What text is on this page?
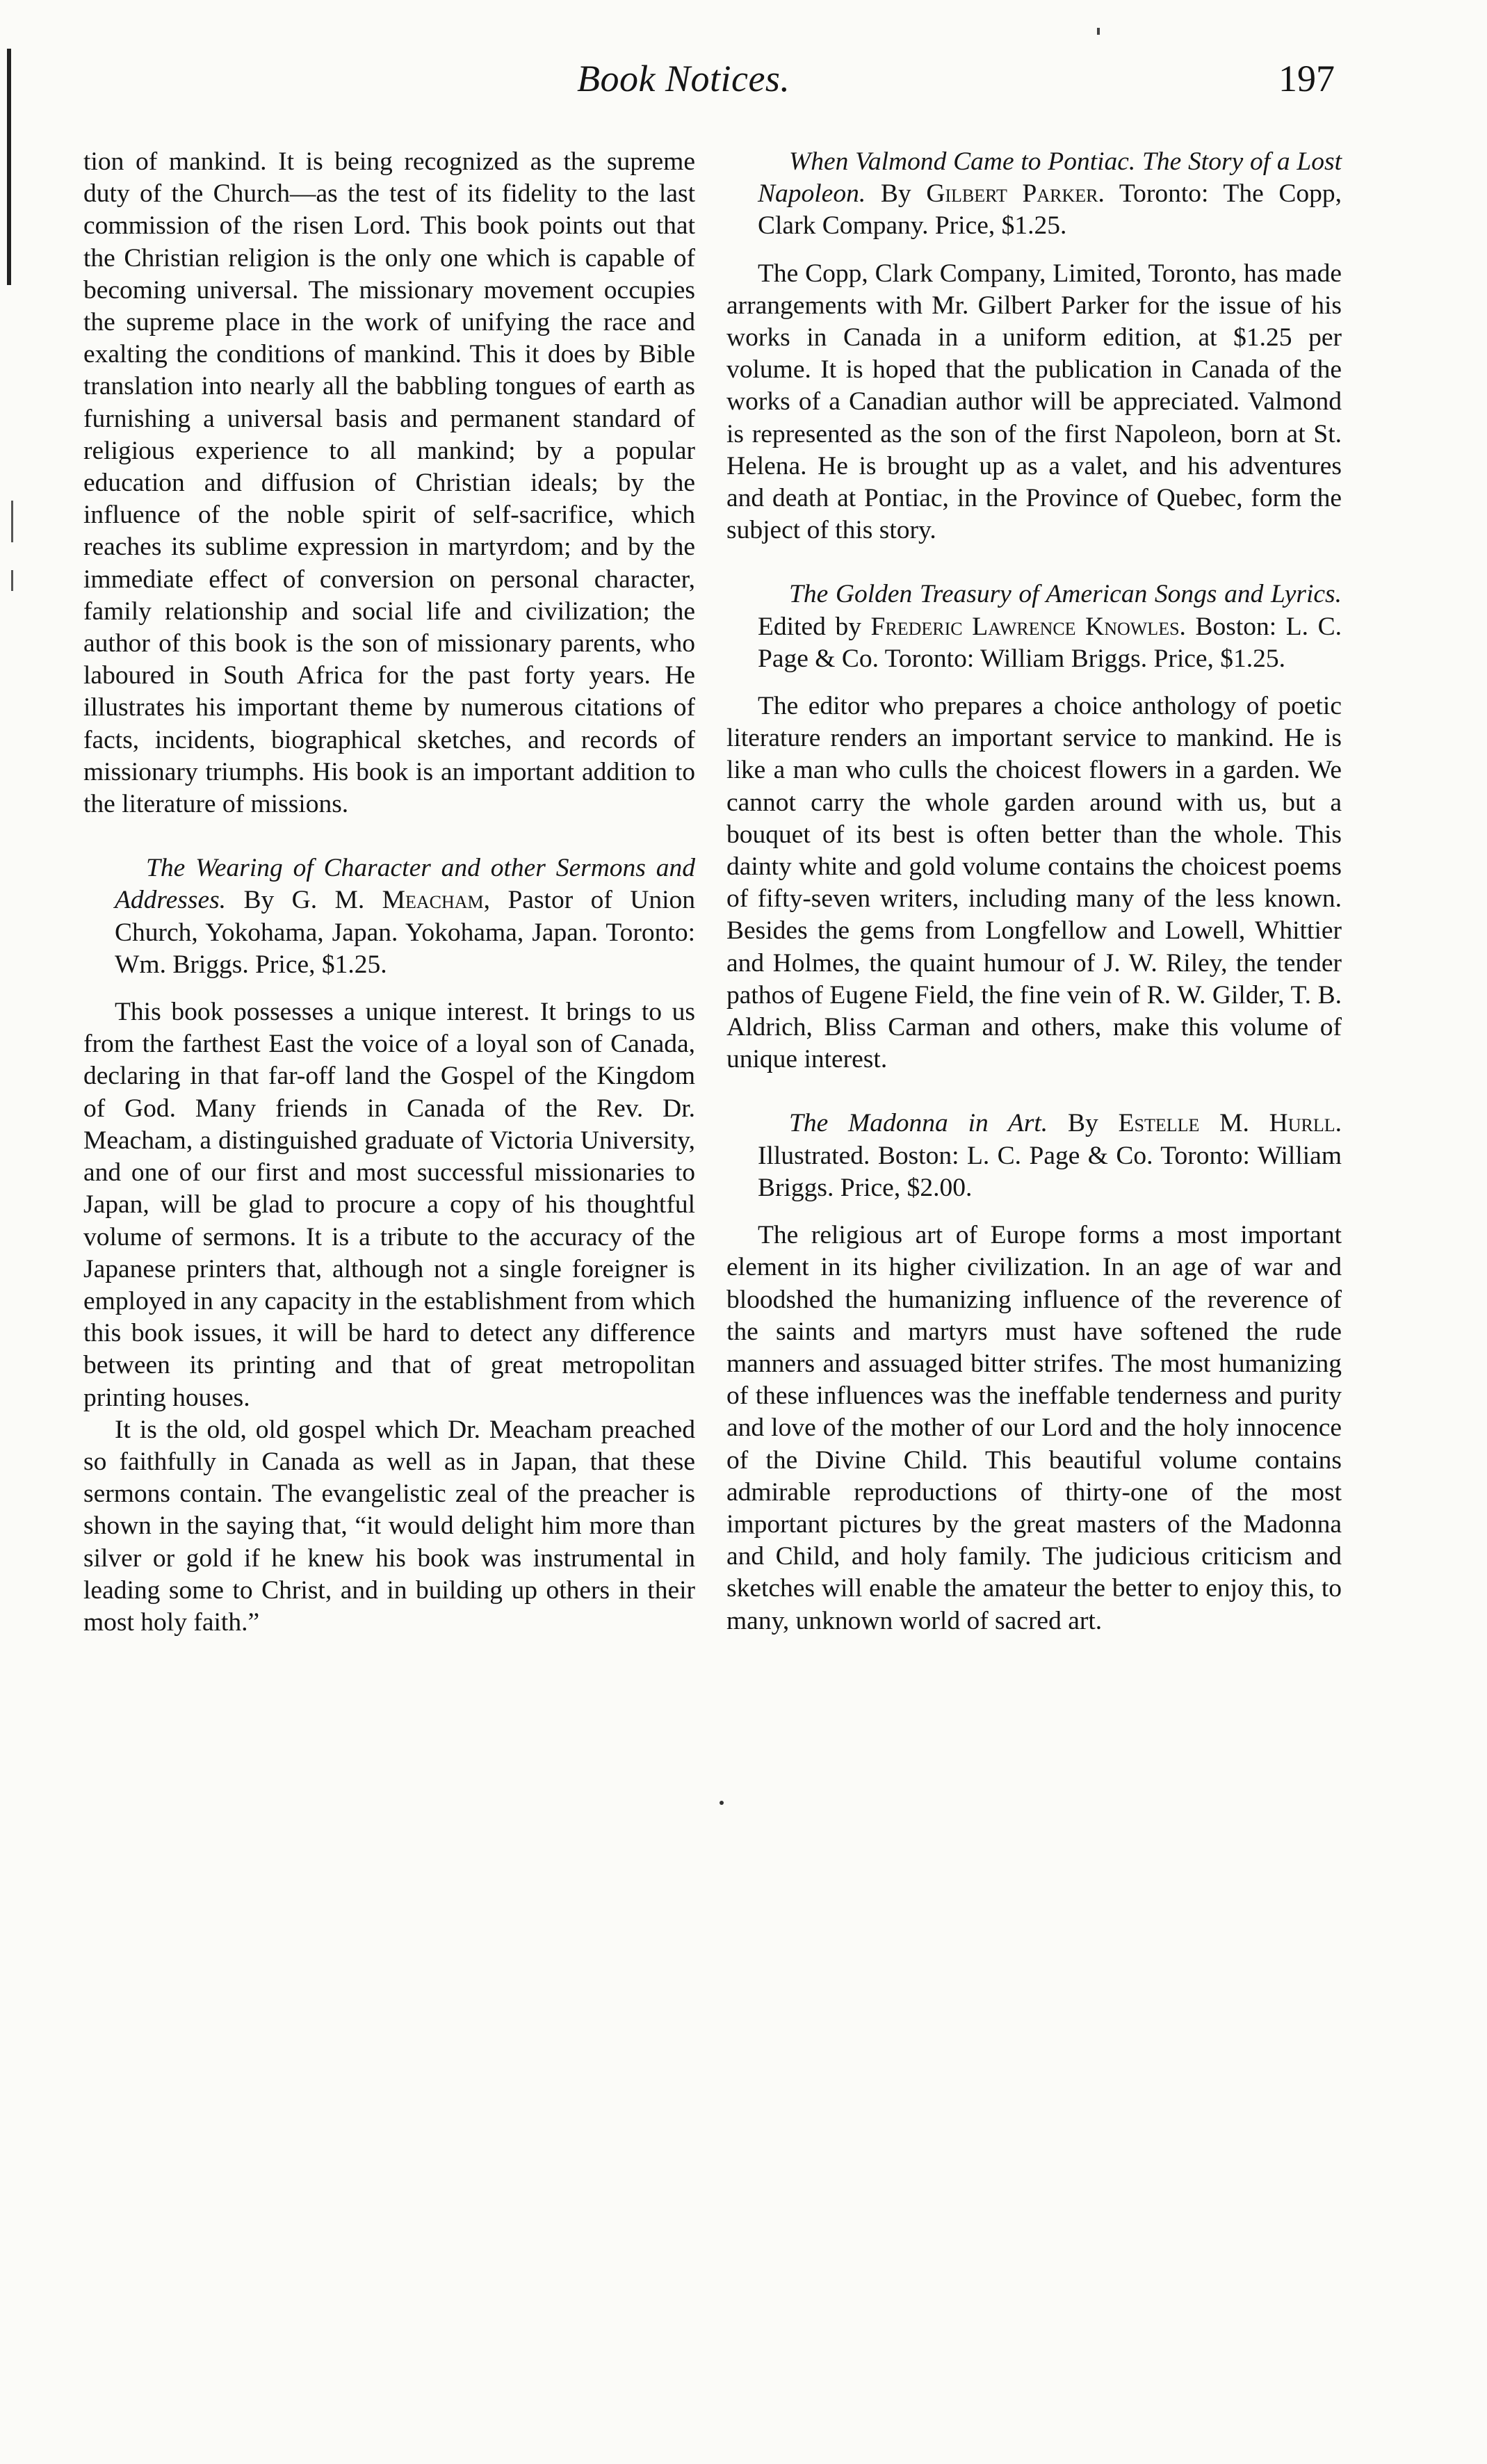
Book Notices.	197

tion of mankind. It is being recognized as the supreme duty of the Church—as the test of its fidelity to the last commission of the risen Lord. This book points out that the Christian religion is the only one which is capable of becoming universal. The missionary movement occupies the supreme place in the work of unifying the race and exalting the conditions of mankind. This it does by Bible translation into nearly all the babbling tongues of earth as furnishing a universal basis and permanent standard of religious experience to all mankind; by a popular education and diffusion of Christian ideals; by the influence of the noble spirit of self-sacrifice, which reaches its sublime expression in martyrdom; and by the immediate effect of conversion on personal character, family relationship and social life and civilization; the author of this book is the son of missionary parents, who laboured in South Africa for the past forty years. He illustrates his important theme by numerous citations of facts, incidents, biographical sketches, and records of missionary triumphs. His book is an important addition to the literature of missions.

The Wearing of Character and other Sermons and Addresses. By G. M. Meacham, Pastor of Union Church, Yokohama, Japan. Yokohama, Japan. Toronto: Wm. Briggs. Price, $1.25.

This book possesses a unique interest. It brings to us from the farthest East the voice of a loyal son of Canada, declaring in that far-off land the Gospel of the Kingdom of God. Many friends in Canada of the Rev. Dr. Meacham, a distinguished graduate of Victoria University, and one of our first and most successful missionaries to Japan, will be glad to procure a copy of his thoughtful volume of sermons. It is a tribute to the accuracy of the Japanese printers that, although not a single foreigner is employed in any capacity in the establishment from which this book issues, it will be hard to detect any difference between its printing and that of great metropolitan printing houses.

It is the old, old gospel which Dr. Meacham preached so faithfully in Canada as well as in Japan, that these sermons contain. The evangelistic zeal of the preacher is shown in the saying that, “it would delight him more than silver or gold if he knew his book was instrumental in leading some to Christ, and in building up others in their most holy faith.”

When Valmond Came to Pontiac. The Story of a Lost Napoleon. By Gilbert Parker. Toronto: The Copp, Clark Company. Price, $1.25.

The Copp, Clark Company, Limited, Toronto, has made arrangements with Mr. Gilbert Parker for the issue of his works in Canada in a uniform edition, at $1.25 per volume. It is hoped that the publication in Canada of the works of a Canadian author will be appreciated. Valmond is represented as the son of the first Napoleon, born at St. Helena. He is brought up as a valet, and his adventures and death at Pontiac, in the Province of Quebec, form the subject of this story.

The Golden Treasury of American Songs and Lyrics. Edited by Frederic Lawrence Knowles. Boston: L. C. Page & Co. Toronto: William Briggs. Price, $1.25.

The editor who prepares a choice anthology of poetic literature renders an important service to mankind. He is like a man who culls the choicest flowers in a garden. We cannot carry the whole garden around with us, but a bouquet of its best is often better than the whole. This dainty white and gold volume contains the choicest poems of fifty-seven writers, including many of the less known. Besides the gems from Longfellow and Lowell, Whittier and Holmes, the quaint humour of J. W. Riley, the tender pathos of Eugene Field, the fine vein of R. W. Gilder, T. B. Aldrich, Bliss Carman and others, make this volume of unique interest.

The Madonna in Art. By Estelle M. Hurll. Illustrated. Boston: L. C. Page & Co. Toronto: William Briggs. Price, $2.00.

The religious art of Europe forms a most important element in its higher civilization. In an age of war and bloodshed the humanizing influence of the reverence of the saints and martyrs must have softened the rude manners and assuaged bitter strifes. The most humanizing of these influences was the ineffable tenderness and purity and love of the mother of our Lord and the holy innocence of the Divine Child. This beautiful volume contains admirable reproductions of thirty-one of the most important pictures by the great masters of the Madonna and Child, and holy family. The judicious criticism and sketches will enable the amateur the better to enjoy this, to many, unknown world of sacred art.
